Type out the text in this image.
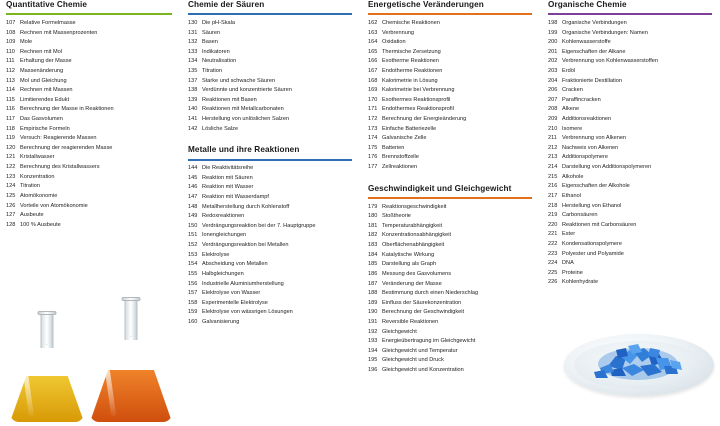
Quantitative Chemie
107 Relative Formelmasse
108 Rechnen mit Massenprozenten
109 Mole
110 Rechnen mit Mol
111 Erhaltung der Masse
112 Massenänderung
113 Mol und Gleichung
114 Rechnen mit Massen
115 Limitierendes Edukt
116 Berechnung der Masse in Reaktionen
117 Das Gasvolumen
118 Empirische Formeln
119 Versuch: Reagierende Massen
120 Berechnung der reagierenden Masse
121 Kristallwasser
122 Berechnung des Kristallwassers
123 Konzentration
124 Titration
125 Atomökonomie
126 Vorteile von Atomökonomie
127 Ausbeute
128 100 % Ausbeute
Chemie der Säuren
130 Die pH-Skala
131 Säuren
132 Basen
133 Indikatoren
134 Neutralisation
135 Titration
137 Starke und schwache Säuren
138 Verdünnte und konzentrierte Säuren
139 Reaktionen mit Basen
140 Reaktionen mit Metallcarbonaten
141 Herstellung von unlöslichen Salzen
142 Lösliche Salze
Metalle und ihre Reaktionen
144 Die Reaktivitätsreihe
145 Reaktion mit Säuren
146 Reaktion mit Wasser
147 Reaktion mit Wasserdampf
148 Metallherstellung durch Kohlenstoff
149 Redoxreaktionen
150 Verdrängungsreaktion bei der 7. Hauptgruppe
151 Ionengleichungen
152 Verdrängungsreaktion bei Metallen
153 Elektrolyse
154 Abscheidung von Metallen
155 Halbgleichungen
156 Industrielle Aluminiumherstellung
157 Elektrolyse von Wasser
158 Experimentelle Elektrolyse
159 Elektrolyse von wässrigen Lösungen
160 Galvanisierung
Energetische Veränderungen
162 Chemische Reaktionen
163 Verbrennung
164 Oxidation
165 Thermische Zersetzung
166 Exotherme Reaktionen
167 Endotherme Reaktionen
168 Kalorimetrie in Lösung
169 Kalorimetrie bei Verbrennung
170 Exothermes Reaktionsprofil
171 Endothermes Reaktionsprofil
172 Berechnung der Energieänderung
173 Einfache Batteriezelle
174 Galvanische Zelle
175 Batterien
176 Brennstoffzelle
177 Zellreaktionen
Geschwindigkeit und Gleichgewicht
179 Reaktionsgeschwindigkeit
180 Stoßtheorie
181 Temperaturabhängigkeit
182 Konzentrationsabhängigkeit
183 Oberflächenabhängigkeit
184 Katalytische Wirkung
185 Darstellung als Graph
186 Messung des Gasvolumens
187 Veränderung der Masse
188 Bestimmung durch einen Niederschlag
189 Einfluss der Säurekonzentration
190 Berechnung der Geschwindigkeit
191 Reversible Reaktionen
192 Gleichgewicht
193 Energieübertragung im Gleichgewicht
194 Gleichgewicht und Temperatur
195 Gleichgewicht und Druck
196 Gleichgewicht und Konzentration
Organische Chemie
198 Organische Verbindungen
199 Organische Verbindungen: Namen
200 Kohlenwasserstoffe
201 Eigenschaften der Alkane
202 Verbrennung von Kohlenwasserstoffen
203 Erdöl
204 Fraktionierte Destillation
206 Cracken
207 Paraffincracken
208 Alkene
209 Additionsreaktionen
210 Isomere
211 Verbrennung von Alkenen
212 Nachweis von Alkenen
213 Additionspolymere
214 Darstellung von Additionspolymeren
215 Alkohole
216 Eigenschaften der Alkohole
217 Ethanol
218 Herstellung von Ethanol
219 Carbonsäuren
220 Reaktionen mit Carbonsäuren
221 Ester
222 Kondensationspolymere
223 Polyester und Polyamide
224 DNA
225 Proteine
226 Kohlenhydrate
